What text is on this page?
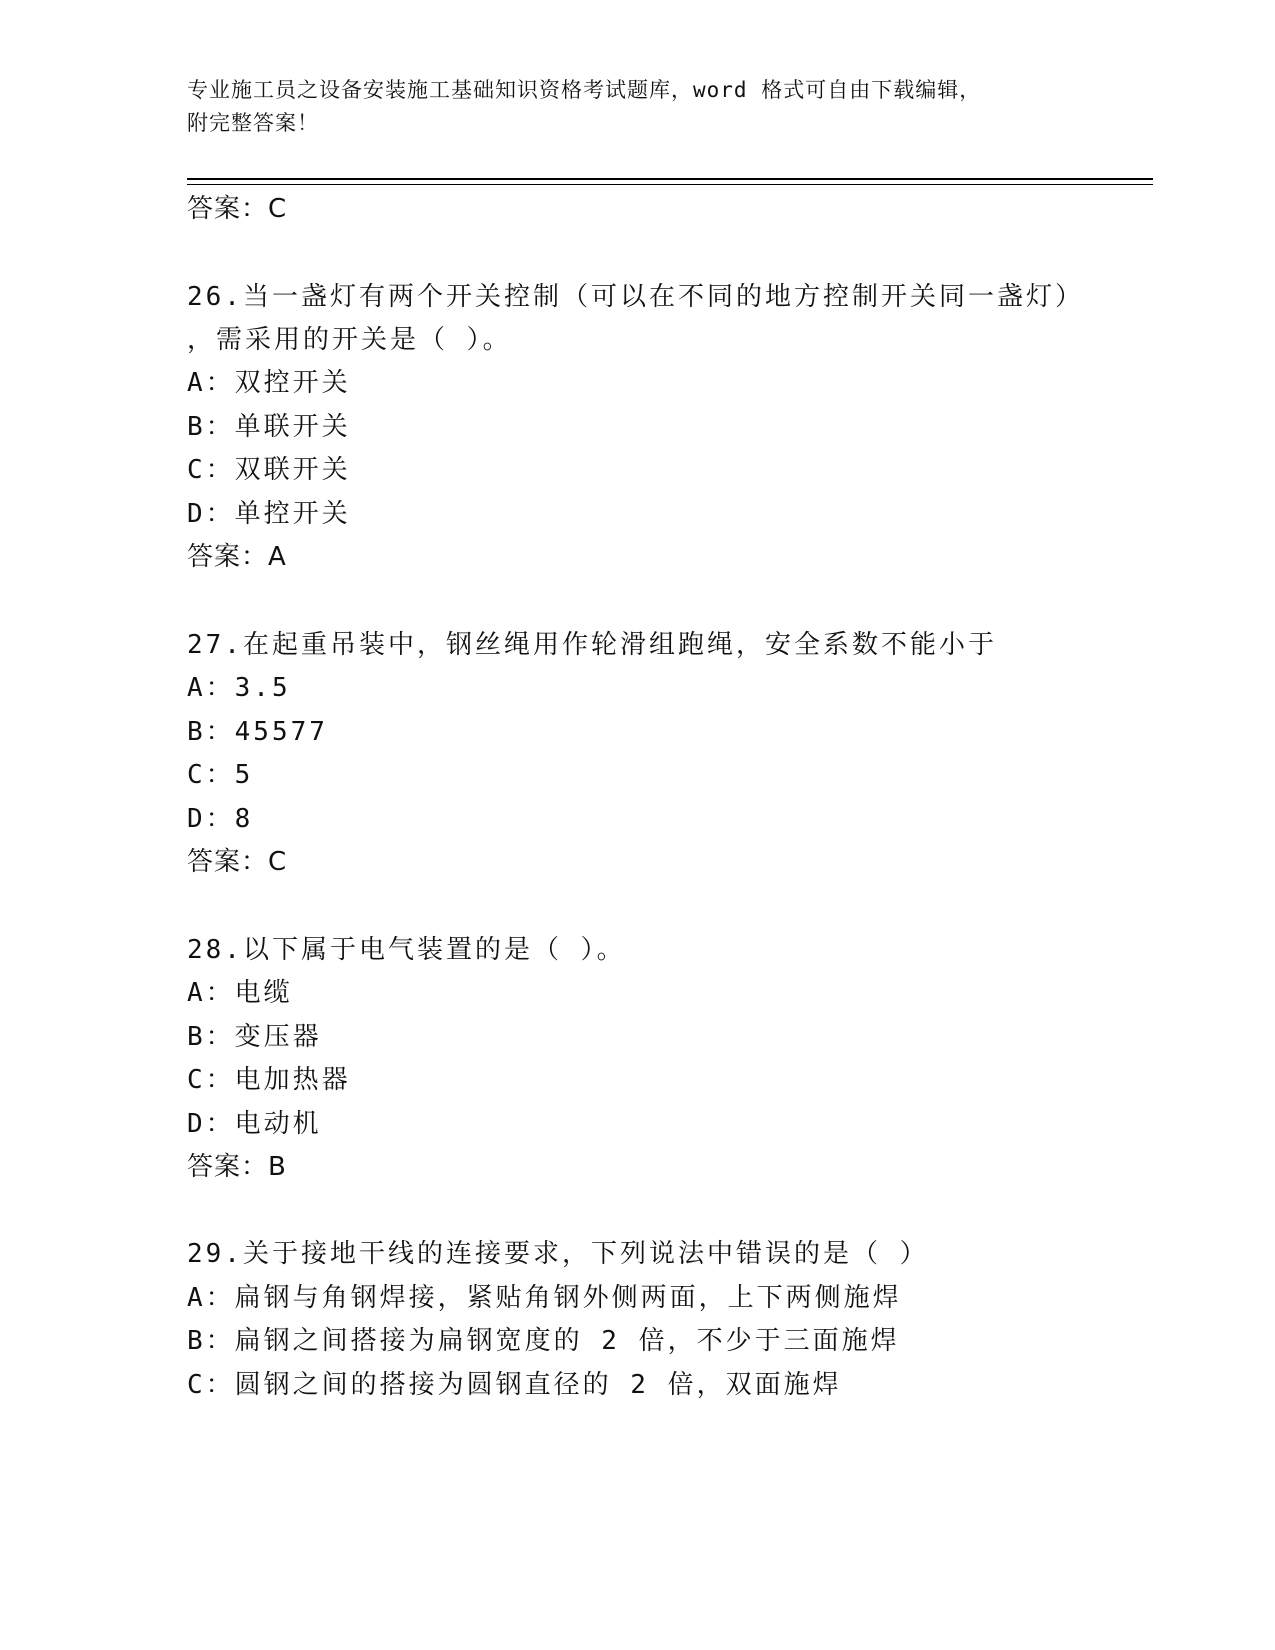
专业施工员之设备安装施工基础知识资格考试题库，word 格式可自由下载编辑，
附完整答案！
答案：C
26.当一盏灯有两个开关控制（可以在不同的地方控制开关同一盏灯）
，需采用的开关是（ ）。
A：双控开关
B：单联开关
C：双联开关
D：单控开关
答案：A
27.在起重吊装中，钢丝绳用作轮滑组跑绳，安全系数不能小于
A：3.5
B：45577
C：5
D：8
答案：C
28.以下属于电气装置的是（ ）。
A：电缆
B：变压器
C：电加热器
D：电动机
答案：B
29.关于接地干线的连接要求，下列说法中错误的是（ ）
A：扁钢与角钢焊接，紧贴角钢外侧两面，上下两侧施焊
B：扁钢之间搭接为扁钢宽度的 2 倍，不少于三面施焊
C：圆钢之间的搭接为圆钢直径的 2 倍，双面施焊
